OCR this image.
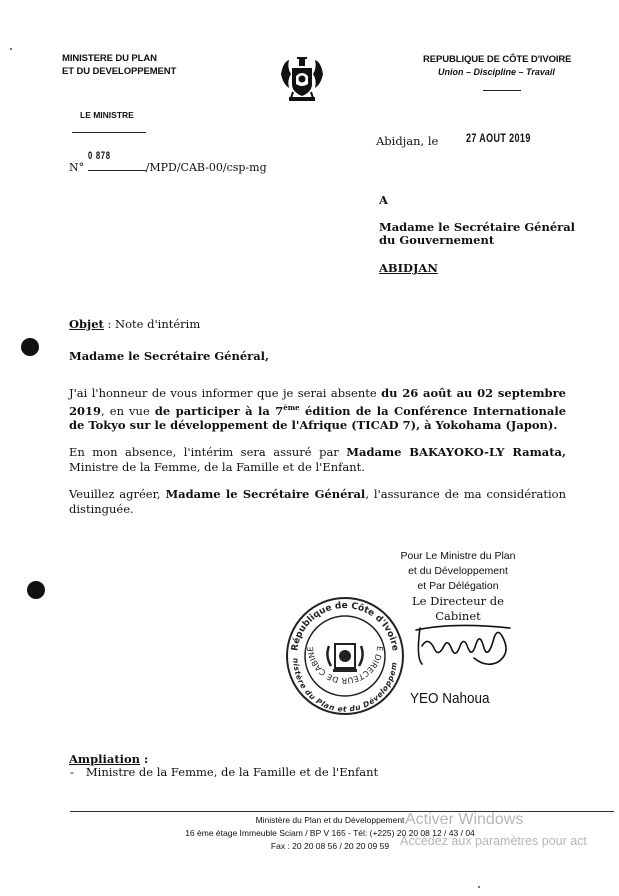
MINISTERE DU PLAN
ET DU DEVELOPPEMENT
LE MINISTRE
REPUBLIQUE DE CÔTE D'IVOIRE
Union – Discipline – Travail
Abidjan, le 27 AOUT 2019
0 878
N°	/MPD/CAB-00/csp-mg
A
Madame le Secrétaire Général
du Gouvernement
ABIDJAN
Objet : Note d'intérim
Madame le Secrétaire Général,
J'ai l'honneur de vous informer que je serai absente du 26 août au 02 septembre 2019, en vue de participer à la 7ème édition de la Conférence Internationale de Tokyo sur le développement de l'Afrique (TICAD 7), à Yokohama (Japon).
En mon absence, l'intérim sera assuré par Madame BAKAYOKO-LY Ramata, Ministre de la Femme, de la Famille et de l'Enfant.
Veuillez agréer, Madame le Secrétaire Général, l'assurance de ma considération distinguée.
Pour Le Ministre du Plan
et du Développement
et Par Délégation
Le Directeur de Cabinet
République de Côte d'Ivoire
nistère du Plan et du Développem
E DIRECTEUR DE CABINE
YEO Nahoua
Ampliation :
- Ministre de la Femme, de la Famille et de l'Enfant
Ministère du Plan et du Développement
16 ème étage Immeuble Sciam / BP V 165 - Tél: (+225) 20 20 08 12 / 43 / 04
Fax : 20 20 08 56 / 20 20 09 59
Activer Windows
Accédez aux paramètres pour act
